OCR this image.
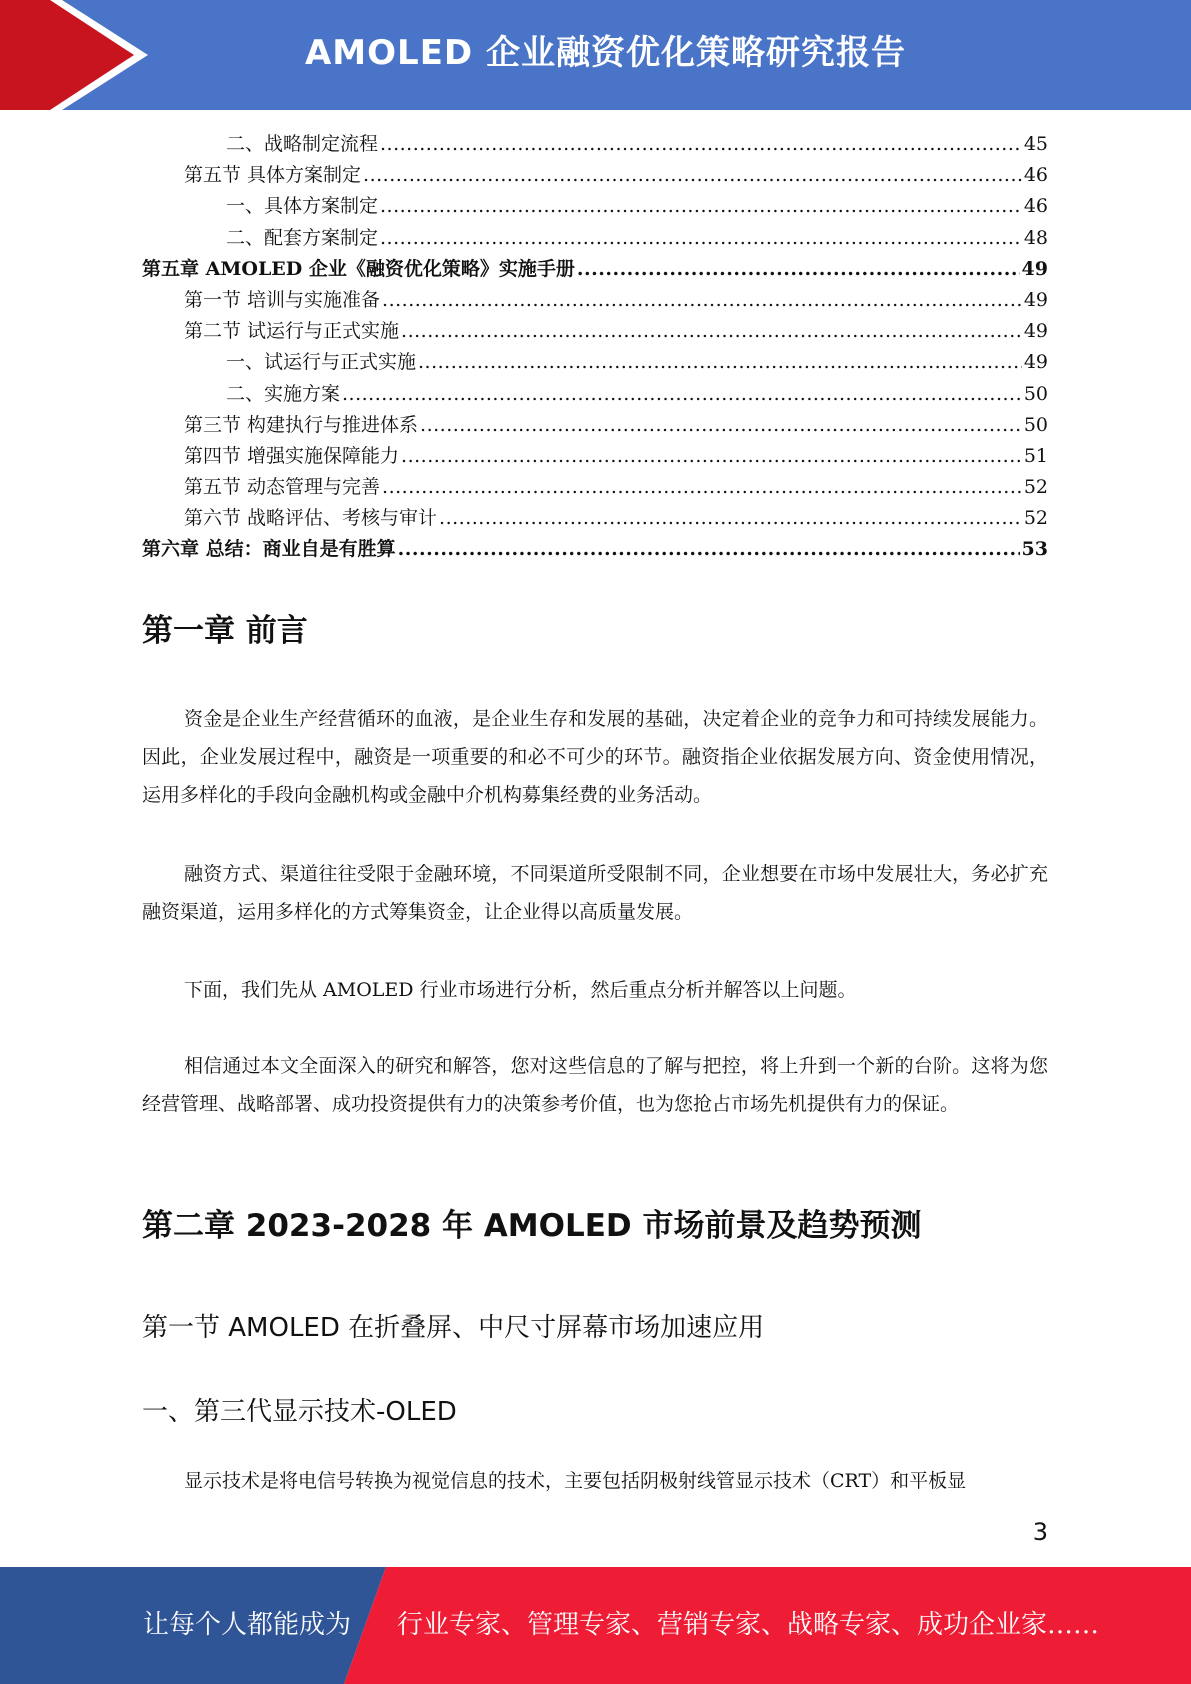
AMOLED 企业融资优化策略研究报告
二、战略制定流程 .....	45
第五节 具体方案制定 .....	46
一、具体方案制定 .....	46
二、配套方案制定 .....	48
第五章 AMOLED 企业《融资优化策略》实施手册 .....	49
第一节 培训与实施准备 .....	49
第二节 试运行与正式实施 .....	49
一、试运行与正式实施 .....	49
二、实施方案 .....	50
第三节 构建执行与推进体系 .....	50
第四节 增强实施保障能力 .....	51
第五节 动态管理与完善 .....	52
第六节 战略评估、考核与审计 .....	52
第六章 总结：商业自是有胜算 .....	53
第一章 前言

资金是企业生产经营循环的血液，是企业生存和发展的基础，决定着企业的竞争力和可持续发展能力。因此，企业发展过程中，融资是一项重要的和必不可少的环节。融资指企业依据发展方向、资金使用情况，运用多样化的手段向金融机构或金融中介机构募集经费的业务活动。

融资方式、渠道往往受限于金融环境，不同渠道所受限制不同，企业想要在市场中发展壮大，务必扩充融资渠道，运用多样化的方式筹集资金，让企业得以高质量发展。

下面，我们先从 AMOLED 行业市场进行分析，然后重点分析并解答以上问题。

相信通过本文全面深入的研究和解答，您对这些信息的了解与把控，将上升到一个新的台阶。这将为您经营管理、战略部署、成功投资提供有力的决策参考价值，也为您抢占市场先机提供有力的保证。

第二章 2023-2028 年 AMOLED 市场前景及趋势预测
第一节 AMOLED 在折叠屏、中尺寸屏幕市场加速应用
一、第三代显示技术-OLED

显示技术是将电信号转换为视觉信息的技术，主要包括阴极射线管显示技术（CRT）和平板显

3
让每个人都能成为 行业专家、管理专家、营销专家、战略专家、成功企业家……
